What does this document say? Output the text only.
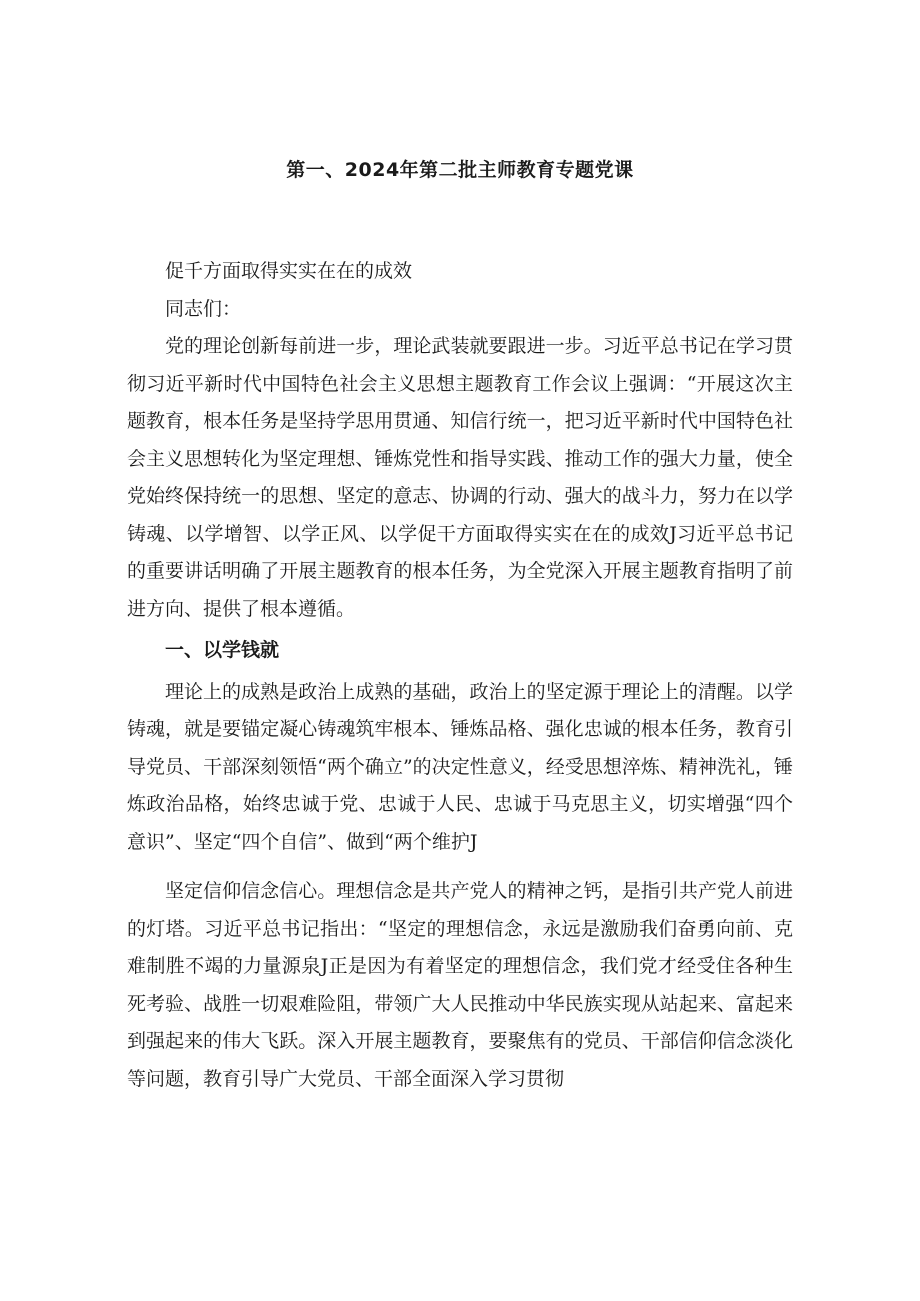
第一、2024年第二批主师教育专题党课

促千方面取得实实在在的成效

同志们：

党的理论创新每前进一步，理论武装就要跟进一步。习近平总书记在学习贯彻习近平新时代中国特色社会主义思想主题教育工作会议上强调：“开展这次主题教育，根本任务是坚持学思用贯通、知信行统一，把习近平新时代中国特色社会主义思想转化为坚定理想、锤炼党性和指导实践、推动工作的强大力量，使全党始终保持统一的思想、坚定的意志、协调的行动、强大的战斗力，努力在以学铸魂、以学增智、以学正风、以学促干方面取得实实在在的成效J习近平总书记的重要讲话明确了开展主题教育的根本任务，为全党深入开展主题教育指明了前进方向、提供了根本遵循。

一、以学钱就

理论上的成熟是政治上成熟的基础，政治上的坚定源于理论上的清醒。以学铸魂，就是要锚定凝心铸魂筑牢根本、锤炼品格、强化忠诚的根本任务，教育引导党员、干部深刻领悟“两个确立”的决定性意义，经受思想淬炼、精神洗礼，锤炼政治品格，始终忠诚于党、忠诚于人民、忠诚于马克思主义，切实增强“四个意识”、坚定“四个自信”、做到“两个维护J

坚定信仰信念信心。理想信念是共产党人的精神之钙，是指引共产党人前进的灯塔。习近平总书记指出：“坚定的理想信念，永远是激励我们奋勇向前、克难制胜不竭的力量源泉J正是因为有着坚定的理想信念，我们党才经受住各种生死考验、战胜一切艰难险阻，带领广大人民推动中华民族实现从站起来、富起来到强起来的伟大飞跃。深入开展主题教育，要聚焦有的党员、干部信仰信念淡化等问题，教育引导广大党员、干部全面深入学习贯彻
